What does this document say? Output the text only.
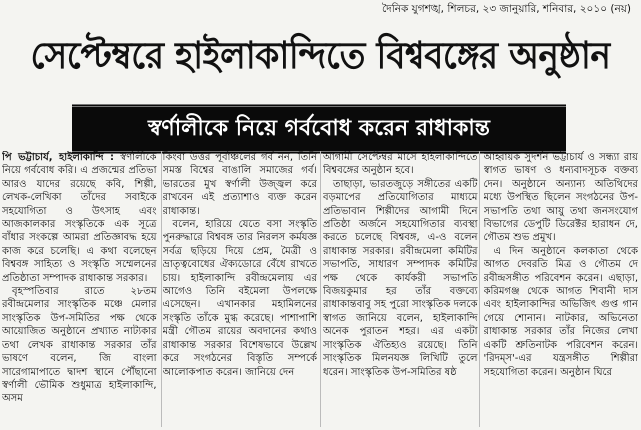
দৈনিক যুগশঙ্খ, শিলচর, ২৩ জানুয়ারি, শনিবার, ২০১০ (নয়)
সেপ্টেম্বরে হাইলাকান্দিতে বিশ্ববঙ্গের অনুষ্ঠান
স্বর্ণালীকে নিয়ে গর্ববোধ করেন রাধাকান্ত

পি ভট্টাচার্য, হাইলাকান্দি : স্বর্ণালীকে নিয়ে গর্ববোধ করি। এ প্রজন্মের প্রতিভা আরও যাদের রয়েছে কবি, শিল্পী, লেখক-লেখিকা তাঁদের সবাইকে সহযোগিতা ও উৎসাহ এবং আজকালকার সংস্কৃতিকে এক সূত্রে বাঁধার সংকল্পে আমরা প্রতিজ্ঞাবদ্ধ হয়ে কাজ করে চলেছি। এ কথা বলেছেন বিশ্ববঙ্গ সাহিত্য ও সংস্কৃতি সম্মেলনের প্রতিষ্ঠাতা সম্পাদক রাধাকান্ত সরকার।

বৃহস্পতিবার রাতে ২৮তম রবীন্দ্রমেলার সাংস্কৃতিক মঞ্চে মেলার সাংস্কৃতিক উপ-সমিতির পক্ষ থেকে আয়োজিত অনুষ্ঠানে প্রখ্যাত নাট্যকার তথা লেখক রাধাকান্ত সরকার তাঁর ভাষণে বলেন, জি বাংলা সারেগামাপাতে দ্বাদশ স্থানে পৌঁছানো স্বর্ণালী ভৌমিক শুধুমাত্র হাইলাকান্দি, অসম

কিংবা উত্তর পূর্বাঞ্চলের গর্ব নন, তিনি সমস্ত বিশ্বের বাঙালি সমাজের গর্ব। ভারতের মুখ স্বর্ণালী উজ্জ্বল করে রাখবেন এই প্রত্যাশাও ব্যক্ত করেন রাধাকান্ত।

বলেন, হারিয়ে যেতে বসা সংস্কৃতি পুনরুদ্ধারে বিশ্ববঙ্গ তার নিরলস কর্মযজ্ঞ সর্বত্র ছড়িয়ে দিয়ে প্রেম, মৈত্রী ও ভ্রাতৃত্ববোধের ঐক্যডোরে বেঁধে রাখতে চায়। হাইলাকান্দি রবীন্দ্রমেলায় এর আগেও তিনি বইমেলা উপলক্ষে এসেছেন। এখানকার মহামিলনের সংস্কৃতি তাঁকে মুগ্ধ করেছে। পাশাপাশি মন্ত্রী গৌতম রায়ের অবদানের কথাও রাধাকান্ত সরকার বিশেষভাবে উল্লেখ করে সংগঠনের বিস্তৃতি সম্পর্কে আলোকপাত করেন। জানিয়ে দেন

আগামী সেপ্টেম্বর মাসে হাইলাকান্দিতে বিশ্ববঙ্গের অনুষ্ঠান হবে।

তাছাড়া, ভারতজুড়ে সঙ্গীতের একটি বড়মাপের প্রতিযোগিতার মাধ্যমে প্রতিভাবান শিল্পীদের আগামী দিনে প্রতিষ্ঠা অর্জনে সহযোগিতার ব্যবস্থা করতে চলেছে বিশ্ববঙ্গ, এ-ও বলেন রাধাকান্ত সরকার। রবীন্দ্রমেলা কমিটির সভাপতি, সাধারণ সম্পাদক কমিটির পক্ষ থেকে কার্যকরী সভাপতি বিজয়কুমার হর তাঁর বক্তব্যে রাধাকান্তবাবু সহ পুরো সাংস্কৃতিক দলকে স্বাগত জানিয়ে বলেন, হাইলাকান্দি অনেক পুরাতন শহর। এর একটা সাংস্কৃতিক ঐতিহ্যও রয়েছে। তিনি সাংস্কৃতিক মিলনযজ্ঞ লিখিটি তুলে ধরেন। সাংস্কৃতিক উপ-সমিতির ষষ্ঠ

আহ্বায়ক সুদর্শন ভট্টাচার্য ও সন্ধ্যা রায় স্বাগত ভাষণ ও ধন্যবাদসূচক বক্তব্য দেন। অনুষ্ঠানে অন্যান্য অতিথিদের মধ্যে উপস্থিত ছিলেন সংগঠনের উপ-সভাপতি তথা আয়ু তথা জনসংযোগ বিভাগের ডেপুটি ডিরেক্টর হারাধন দে, গৌতম শুভ প্রমুখ।

এ দিন অনুষ্ঠানে কলকাতা থেকে আগত দেবরতি মিত্র ও গৌতম দে রবীন্দ্রসঙ্গীত পরিবেশন করেন। এছাড়া, করিমগঞ্জ থেকে আগত শিবানী দাস এবং হাইলাকান্দির অভিজিৎ গুপ্ত গান গেয়ে শোনান। নাটকার, অভিনেতা রাধাকান্ত সরকার তাঁর নিজের লেখা একটি শ্রুতিনাটক পরিবেশন করেন। 'রিদম্স'-এর যন্ত্রসঙ্গীত শিল্পীরা সহযোগিতা করেন। অনুষ্ঠান ঘিরে
